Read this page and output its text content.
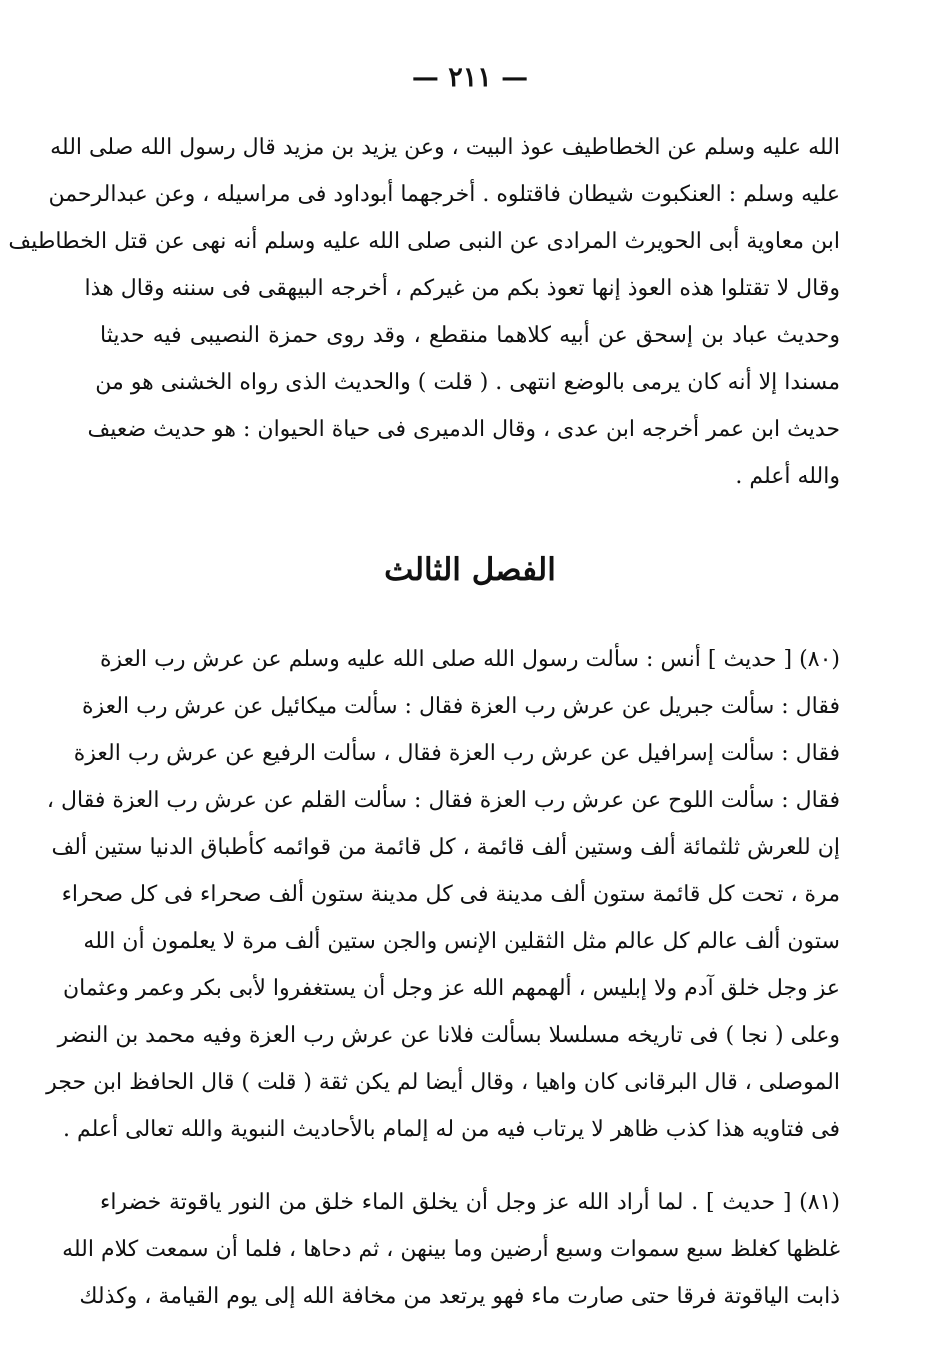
— ٢١١ —
الله عليه وسلم عن الخطاطيف عوذ البيت ، وعن يزيد بن مزيد قال رسول الله صلى الله
عليه وسلم : العنكبوت شيطان فاقتلوه . أخرجهما أبوداود فى مراسيله ، وعن عبدالرحمن
ابن معاوية أبى الحويرث المرادى عن النبى صلى الله عليه وسلم أنه نهى عن قتل الخطاطيف
وقال لا تقتلوا هذه العوذ إنها تعوذ بكم من غيركم ، أخرجه البيهقى فى سننه وقال هذا
وحديث عباد بن إسحق عن أبيه كلاهما منقطع ، وقد روى حمزة النصيبى فيه حديثا
مسندا إلا أنه كان يرمى بالوضع انتهى . ( قلت ) والحديث الذى رواه الخشنى هو من
حديث ابن عمر أخرجه ابن عدى ، وقال الدميرى فى حياة الحيوان : هو حديث ضعيف
والله أعلم .
الفصل الثالث
(٨٠) [ حديث ] أنس : سألت رسول الله صلى الله عليه وسلم عن عرش رب العزة
فقال : سألت جبريل عن عرش رب العزة فقال : سألت ميكائيل عن عرش رب العزة
فقال : سألت إسرافيل عن عرش رب العزة فقال ، سألت الرفيع عن عرش رب العزة
فقال : سألت اللوح عن عرش رب العزة فقال : سألت القلم عن عرش رب العزة فقال ،
إن للعرش ثلثمائة ألف وستين ألف قائمة ، كل قائمة من قوائمه كأطباق الدنيا ستين ألف
مرة ، تحت كل قائمة ستون ألف مدينة فى كل مدينة ستون ألف صحراء فى كل صحراء
ستون ألف عالم كل عالم مثل الثقلين الإنس والجن ستين ألف مرة لا يعلمون أن الله
عز وجل خلق آدم ولا إبليس ، ألهمهم الله عز وجل أن يستغفروا لأبى بكر وعمر وعثمان
وعلى ( نجا ) فى تاريخه مسلسلا بسألت فلانا عن عرش رب العزة وفيه محمد بن النضر
الموصلى ، قال البرقانى كان واهيا ، وقال أيضا لم يكن ثقة ( قلت ) قال الحافظ ابن حجر
فى فتاويه هذا كذب ظاهر لا يرتاب فيه من له إلمام بالأحاديث النبوية والله تعالى أعلم .
(٨١) [ حديث ] . لما أراد الله عز وجل أن يخلق الماء خلق من النور ياقوتة خضراء
غلظها كغلظ سبع سموات وسبع أرضين وما بينهن ، ثم دحاها ، فلما أن سمعت كلام الله
ذابت الياقوتة فرقا حتى صارت ماء فهو يرتعد من مخافة الله إلى يوم القيامة ، وكذلك
